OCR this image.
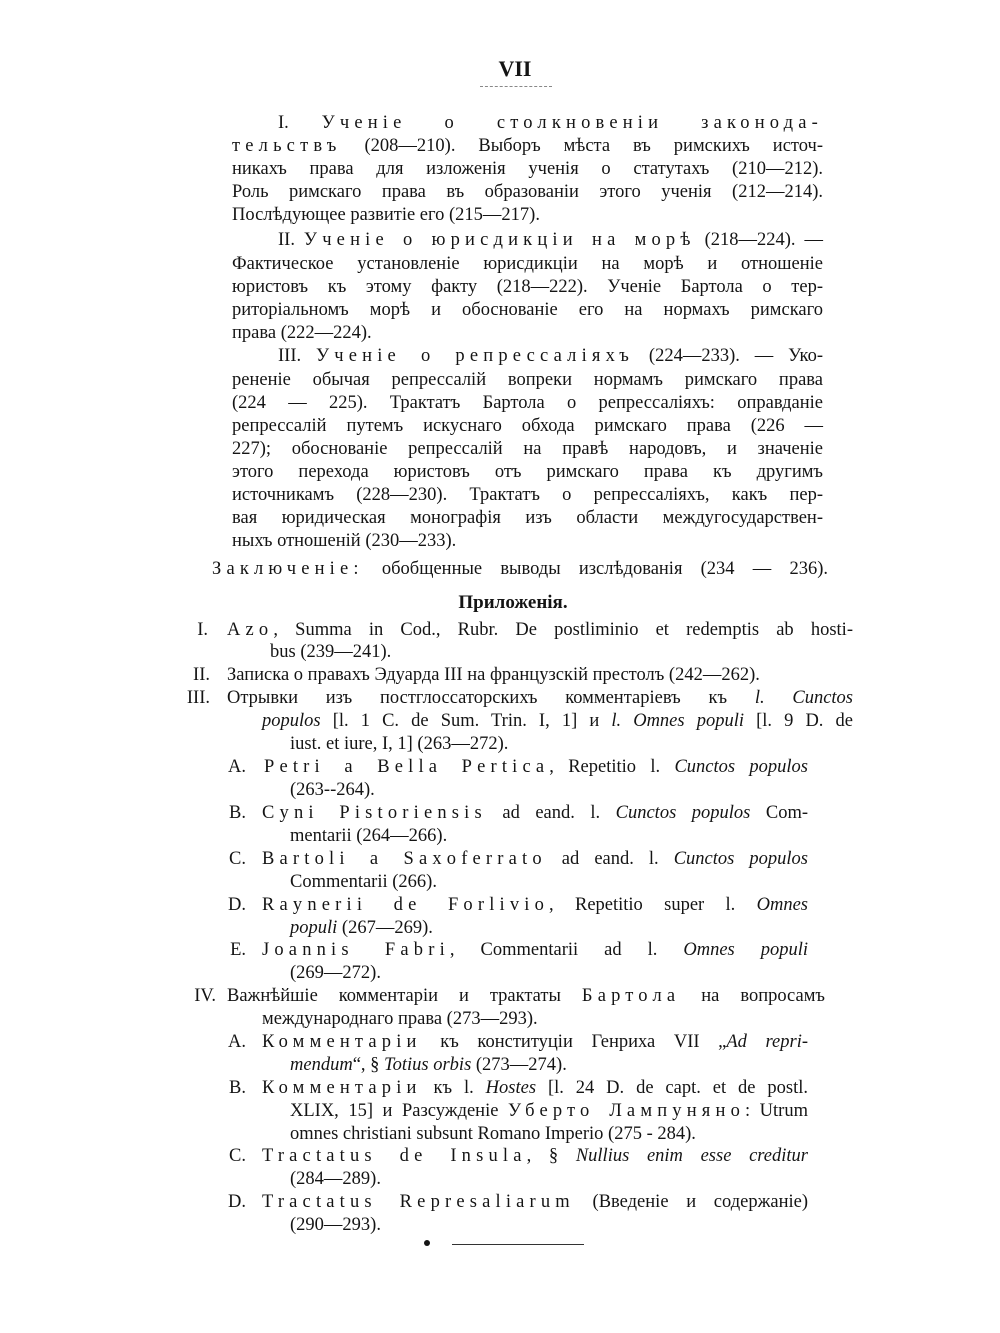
VII
Приложенія.
I. Ученіе о столкновеніи законода-
тельствъ (208—210). Выборъ мѣста въ римскихъ источ-
никахъ права для изложенія ученія о статутахъ (210—212).
Роль римскаго права въ образованіи этого ученія (212—214).
Послѣдующее развитіе его (215—217).
II. Ученіе о юрисдикціи на морѣ (218—224). —
Фактическое установленіе юрисдикціи на морѣ и отношеніе
юристовъ къ этому факту (218—222). Ученіе Бартола о тер-
риторіальномъ морѣ и обоснованіе его на нормахъ римскаго
права (222—224).
III. Ученіе о репрессаліяхъ (224—233). — Уко-
рененіе обычая репрессалій вопреки нормамъ римскаго права
(224 — 225). Трактатъ Бартола о репрессаліяхъ: оправданіе
репрессалій путемъ искуснаго обхода римскаго права (226 —
227); обоснованіе репрессалій на правѣ народовъ, и значеніе
этого перехода юристовъ отъ римскаго права къ другимъ
источникамъ (228—230). Трактатъ о репрессаліяхъ, какъ пер-
вая юридическая монографія изъ области междугосударствен-
ныхъ отношеній (230—233).
Заключеніе: обобщенные выводы изслѣдованія (234 — 236).
I. Azo, Summa in Cod., Rubr. De postliminio et redemptis ab hosti-
bus (239—241).
II. Записка о правахъ Эдуарда III на французскій престолъ (242—262).
III. Отрывки изъ постглоссаторскихъ комментаріевъ къ l. Cunctos
populos [l. 1 C. de Sum. Trin. I, 1] и l. Omnes populi [l. 9 D. de
iust. et iure, I, 1] (263—272).
A. Petri a Bella Pertica, Repetitio l. Cunctos populos
(263--264).
B. Cyni Pistoriensis ad eand. l. Cunctos populos Com-
mentarii (264—266).
C. Bartoli a Saxoferrato ad eand. l. Cunctos populos
Commentarii (266).
D. Raynerii de Forlivio, Repetitio super l. Omnes
populi (267—269).
E. Joannis Fabri, Commentarii ad l. Omnes populi
(269—272).
IV. Важнѣйшіе комментаріи и трактаты Бартола на вопросамъ
международнаго права (273—293).
A. Комментаріи къ конституціи Генриха VII „Ad repri-
mendum“, § Totius orbis (273—274).
B. Комментаріи къ l. Hostes [l. 24 D. de capt. et de postl.
XLIX, 15] и Разсужденіе Уберто Лампуняно: Utrum
omnes christiani subsunt Romano Imperio (275 - 284).
C. Tractatus de Insula, § Nullius enim esse creditur
(284—289).
D. Tractatus Represaliarum (Введеніе и содержаніе)
(290—293).
